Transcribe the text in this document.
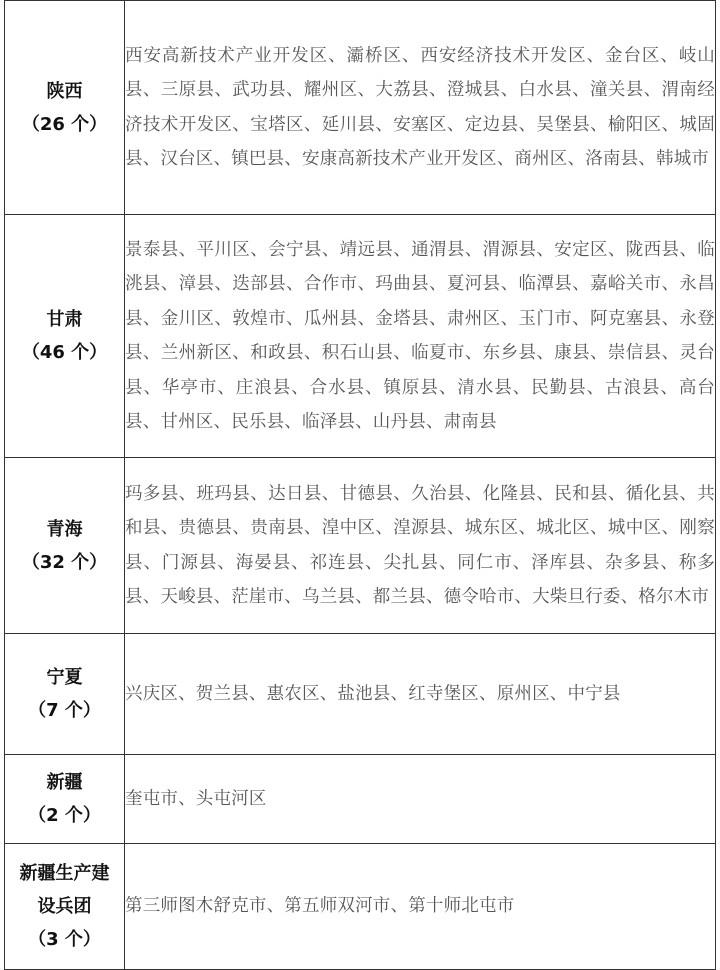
陕西
（26 个）	西安高新技术产业开发区、灞桥区、西安经济技术开发区、金台区、岐山县、三原县、武功县、耀州区、大荔县、澄城县、白水县、潼关县、渭南经济技术开发区、宝塔区、延川县、安塞区、定边县、吴堡县、榆阳区、城固县、汉台区、镇巴县、安康高新技术产业开发区、商州区、洛南县、韩城市

甘肃
（46 个）	景泰县、平川区、会宁县、靖远县、通渭县、渭源县、安定区、陇西县、临洮县、漳县、迭部县、合作市、玛曲县、夏河县、临潭县、嘉峪关市、永昌县、金川区、敦煌市、瓜州县、金塔县、肃州区、玉门市、阿克塞县、永登县、兰州新区、和政县、积石山县、临夏市、东乡县、康县、崇信县、灵台县、华亭市、庄浪县、合水县、镇原县、清水县、民勤县、古浪县、高台县、甘州区、民乐县、临泽县、山丹县、肃南县

青海
（32 个）	玛多县、班玛县、达日县、甘德县、久治县、化隆县、民和县、循化县、共和县、贵德县、贵南县、湟中区、湟源县、城东区、城北区、城中区、刚察县、门源县、海晏县、祁连县、尖扎县、同仁市、泽库县、杂多县、称多县、天峻县、茫崖市、乌兰县、都兰县、德令哈市、大柴旦行委、格尔木市

宁夏
（7 个）	兴庆区、贺兰县、惠农区、盐池县、红寺堡区、原州区、中宁县

新疆
（2 个）	奎屯市、头屯河区

新疆生产建
设兵团
（3 个）	第三师图木舒克市、第五师双河市、第十师北屯市
